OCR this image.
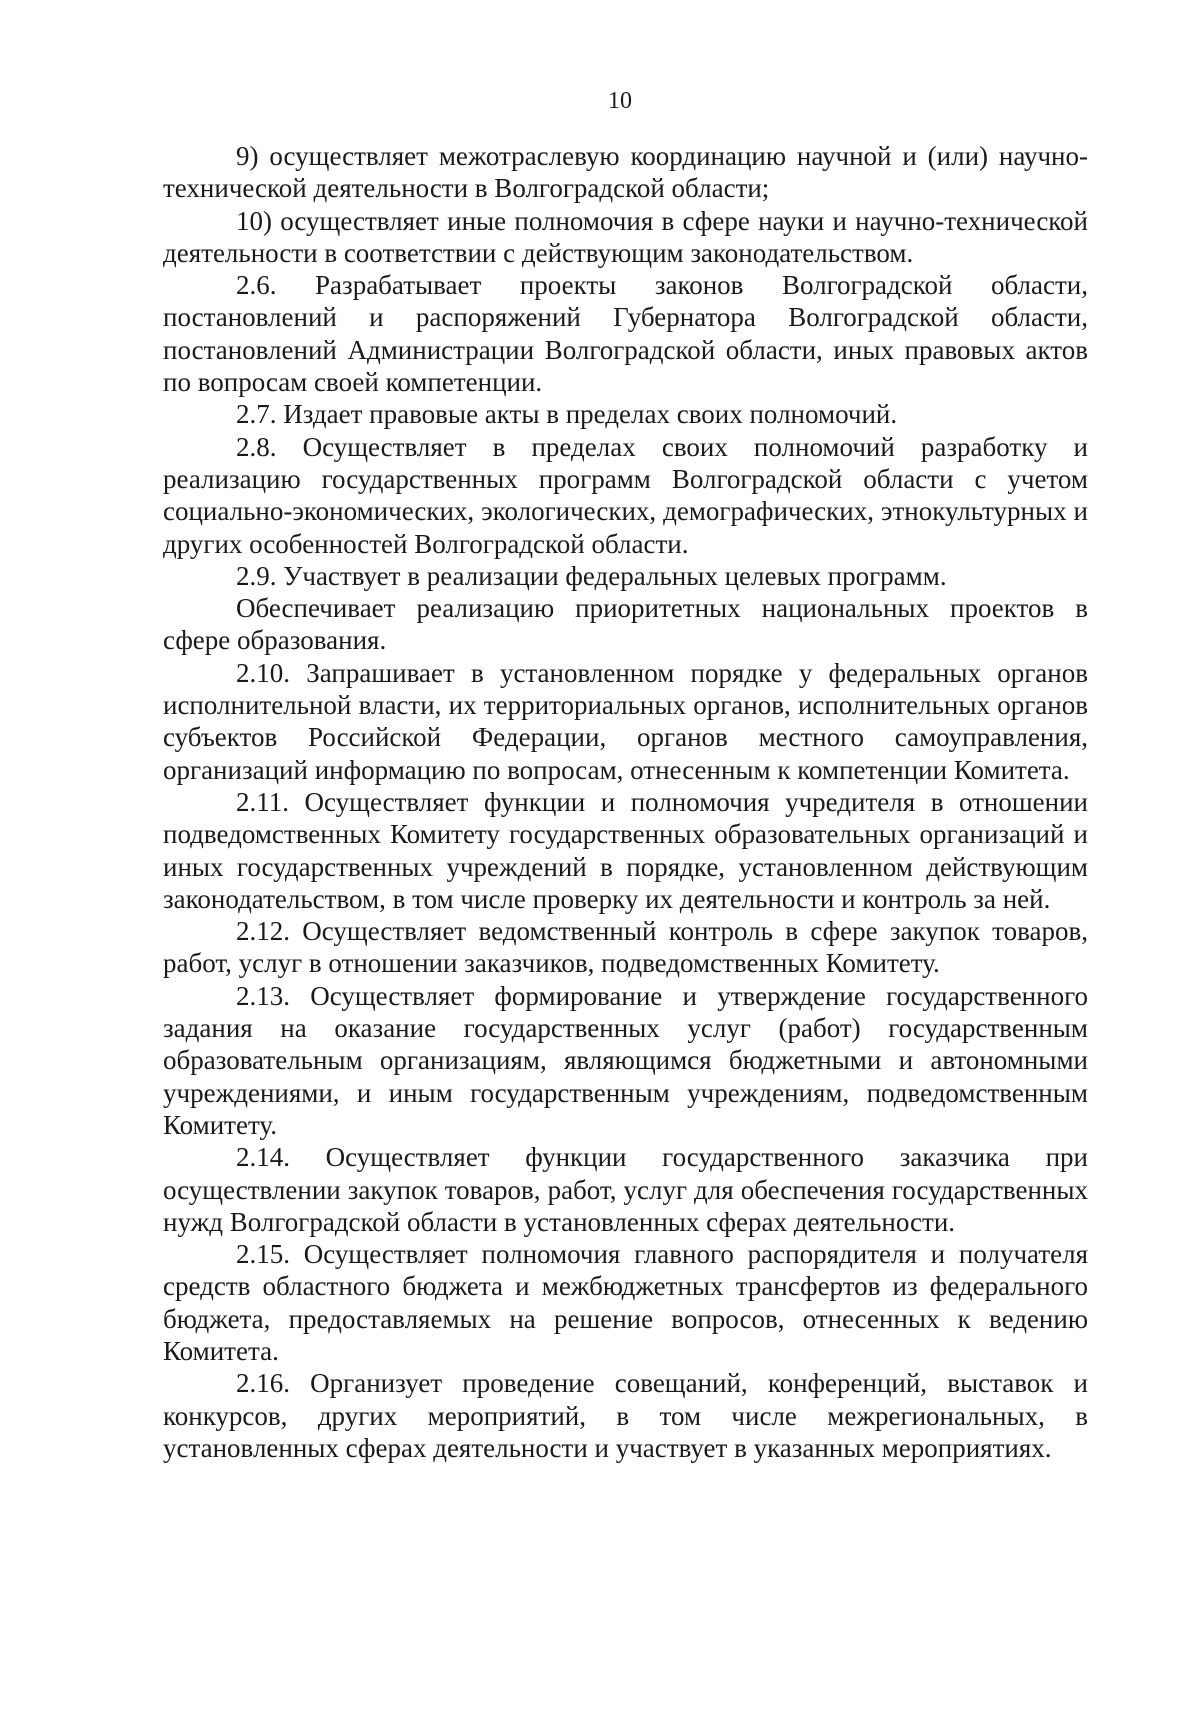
10

9) осуществляет межотраслевую координацию научной и (или) научно-технической деятельности в Волгоградской области;

10) осуществляет иные полномочия в сфере науки и научно-технической деятельности в соответствии с действующим законодательством.

2.6. Разрабатывает проекты законов Волгоградской области, постановлений и распоряжений Губернатора Волгоградской области, постановлений Администрации Волгоградской области, иных правовых актов по вопросам своей компетенции.

2.7. Издает правовые акты в пределах своих полномочий.

2.8. Осуществляет в пределах своих полномочий разработку и реализацию государственных программ Волгоградской области с учетом социально-экономических, экологических, демографических, этнокультурных и других особенностей Волгоградской области.

2.9. Участвует в реализации федеральных целевых программ.

Обеспечивает реализацию приоритетных национальных проектов в сфере образования.

2.10. Запрашивает в установленном порядке у федеральных органов исполнительной власти, их территориальных органов, исполнительных органов субъектов Российской Федерации, органов местного самоуправления, организаций информацию по вопросам, отнесенным к компетенции Комитета.

2.11. Осуществляет функции и полномочия учредителя в отношении подведомственных Комитету государственных образовательных организаций и иных государственных учреждений в порядке, установленном действующим законодательством, в том числе проверку их деятельности и контроль за ней.

2.12. Осуществляет ведомственный контроль в сфере закупок товаров, работ, услуг в отношении заказчиков, подведомственных Комитету.

2.13. Осуществляет формирование и утверждение государственного задания на оказание государственных услуг (работ) государственным образовательным организациям, являющимся бюджетными и автономными учреждениями, и иным государственным учреждениям, подведомственным Комитету.

2.14. Осуществляет функции государственного заказчика при осуществлении закупок товаров, работ, услуг для обеспечения государственных нужд Волгоградской области в установленных сферах деятельности.

2.15. Осуществляет полномочия главного распорядителя и получателя средств областного бюджета и межбюджетных трансфертов из федерального бюджета, предоставляемых на решение вопросов, отнесенных к ведению Комитета.

2.16. Организует проведение совещаний, конференций, выставок и конкурсов, других мероприятий, в том числе межрегиональных, в установленных сферах деятельности и участвует в указанных мероприятиях.
